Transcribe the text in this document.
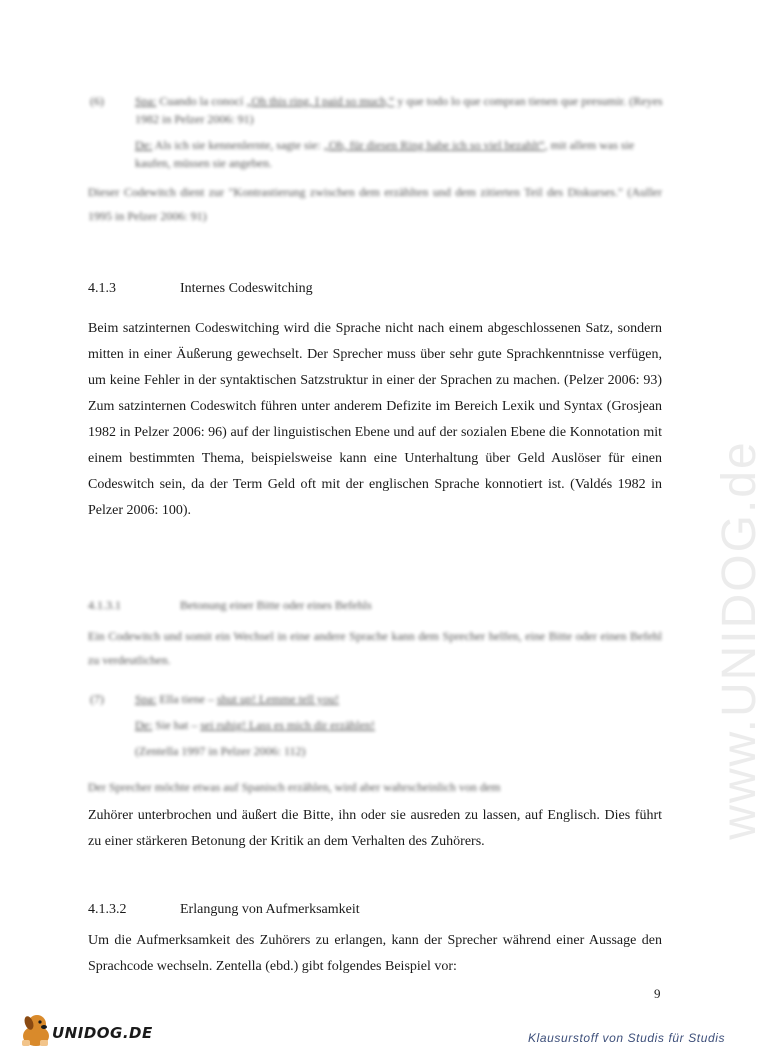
www.UNIDOG.de
(6)	Spa: Cuando la conocí „Oh this ring, I paid so much,“ y que todo lo que compran tienen que presumir. (Reyes 1982 in Pelzer 2006: 91)
De: Als ich sie kennenlernte, sagte sie: „Oh, für diesen Ring habe ich so viel bezahlt“, mit allem was sie kaufen, müssen sie angeben.
Dieser Codewitch dient zur "Kontrastierung zwischen dem erzählten und dem zitierten Teil des Diskurses." (Auller 1995 in Pelzer 2006: 91)
4.1.3	Internes Codeswitching
Beim satzinternen Codeswitching wird die Sprache nicht nach einem abgeschlossenen Satz, sondern mitten in einer Äußerung gewechselt. Der Sprecher muss über sehr gute Sprachkenntnisse verfügen, um keine Fehler in der syntaktischen Satzstruktur in einer der Sprachen zu machen. (Pelzer 2006: 93) Zum satzinternen Codeswitch führen unter anderem Defizite im Bereich Lexik und Syntax (Grosjean 1982 in Pelzer 2006: 96) auf der linguistischen Ebene und auf der sozialen Ebene die Konnotation mit einem bestimmten Thema, beispielsweise kann eine Unterhaltung über Geld Auslöser für einen Codeswitch sein, da der Term Geld oft mit der englischen Sprache konnotiert ist. (Valdés 1982 in Pelzer 2006: 100).
4.1.3.1	Betonung einer Bitte oder eines Befehls
Ein Codewitch und somit ein Wechsel in eine andere Sprache kann dem Sprecher helfen, eine Bitte oder einen Befehl zu verdeutlichen.
(7)	Spa: Ella tiene – shut up! Lemme tell you!
De: Sie hat – sei ruhig! Lass es mich dir erzählen!
(Zentella 1997 in Pelzer 2006: 112)
Der Sprecher möchte etwas auf Spanisch erzählen, wird aber wahrscheinlich von dem
Zuhörer unterbrochen und äußert die Bitte, ihn oder sie ausreden zu lassen, auf Englisch. Dies führt zu einer stärkeren Betonung der Kritik an dem Verhalten des Zuhörers.
4.1.3.2	Erlangung von Aufmerksamkeit
Um die Aufmerksamkeit des Zuhörers zu erlangen, kann der Sprecher während einer Aussage den Sprachcode wechseln. Zentella (ebd.) gibt folgendes Beispiel vor:
9
UNIDOG.DE	Klausurstoff von Studis für Studis
